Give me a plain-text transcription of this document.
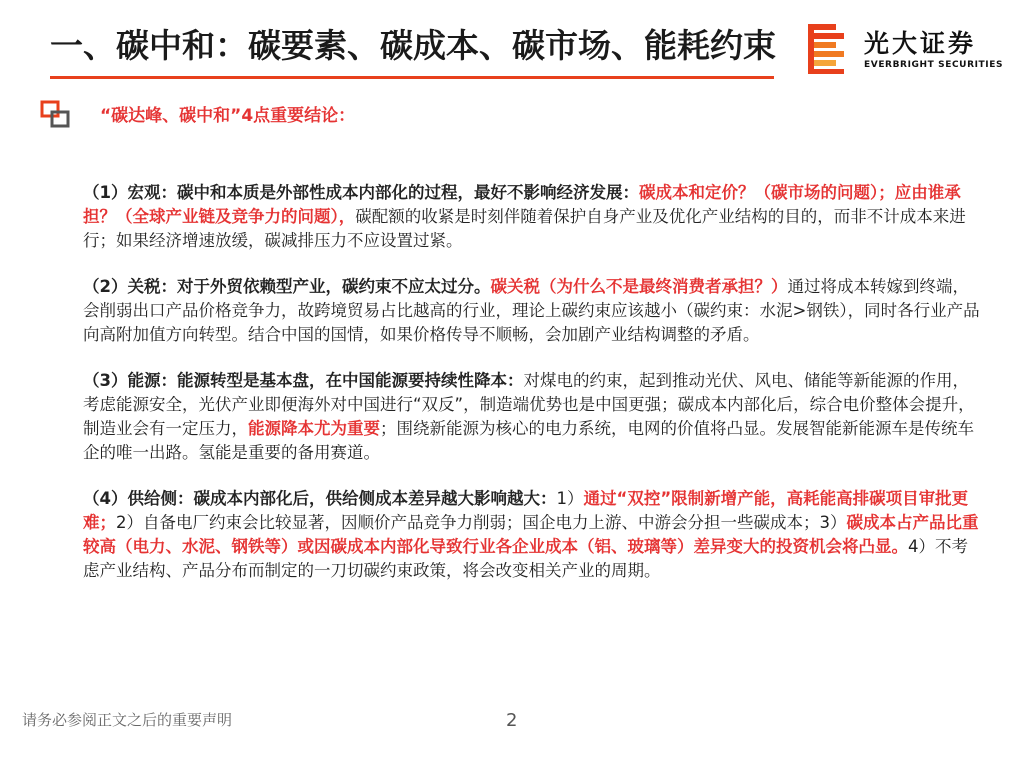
一、碳中和：碳要素、碳成本、碳市场、能耗约束	光大证券
EVERBRIGHT SECURITIES
“碳达峰、碳中和”4点重要结论：

（1）宏观：碳中和本质是外部性成本内部化的过程，最好不影响经济发展：碳成本和定价？（碳市场的问题）；应由谁承担？（全球产业链及竞争力的问题），碳配额的收紧是时刻伴随着保护自身产业及优化产业结构的目的，而非不计成本来进行；如果经济增速放缓，碳减排压力不应设置过紧。

（2）关税：对于外贸依赖型产业，碳约束不应太过分。碳关税（为什么不是最终消费者承担？）通过将成本转嫁到终端，会削弱出口产品价格竞争力，故跨境贸易占比越高的行业，理论上碳约束应该越小（碳约束：水泥>钢铁），同时各行业产品向高附加值方向转型。结合中国的国情，如果价格传导不顺畅，会加剧产业结构调整的矛盾。

（3）能源：能源转型是基本盘，在中国能源要持续性降本：对煤电的约束，起到推动光伏、风电、储能等新能源的作用，考虑能源安全，光伏产业即便海外对中国进行“双反”，制造端优势也是中国更强；碳成本内部化后，综合电价整体会提升，制造业会有一定压力，能源降本尤为重要；围绕新能源为核心的电力系统，电网的价值将凸显。发展智能新能源车是传统车企的唯一出路。氢能是重要的备用赛道。

（4）供给侧：碳成本内部化后，供给侧成本差异越大影响越大：1）通过“双控”限制新增产能，高耗能高排碳项目审批更难；2）自备电厂约束会比较显著，因顺价产品竞争力削弱；国企电力上游、中游会分担一些碳成本；3）碳成本占产品比重较高（电力、水泥、钢铁等）或因碳成本内部化导致行业各企业成本（铝、玻璃等）差异变大的投资机会将凸显。4）不考虑产业结构、产品分布而制定的一刀切碳约束政策，将会改变相关产业的周期。

请务必参阅正文之后的重要声明	2
